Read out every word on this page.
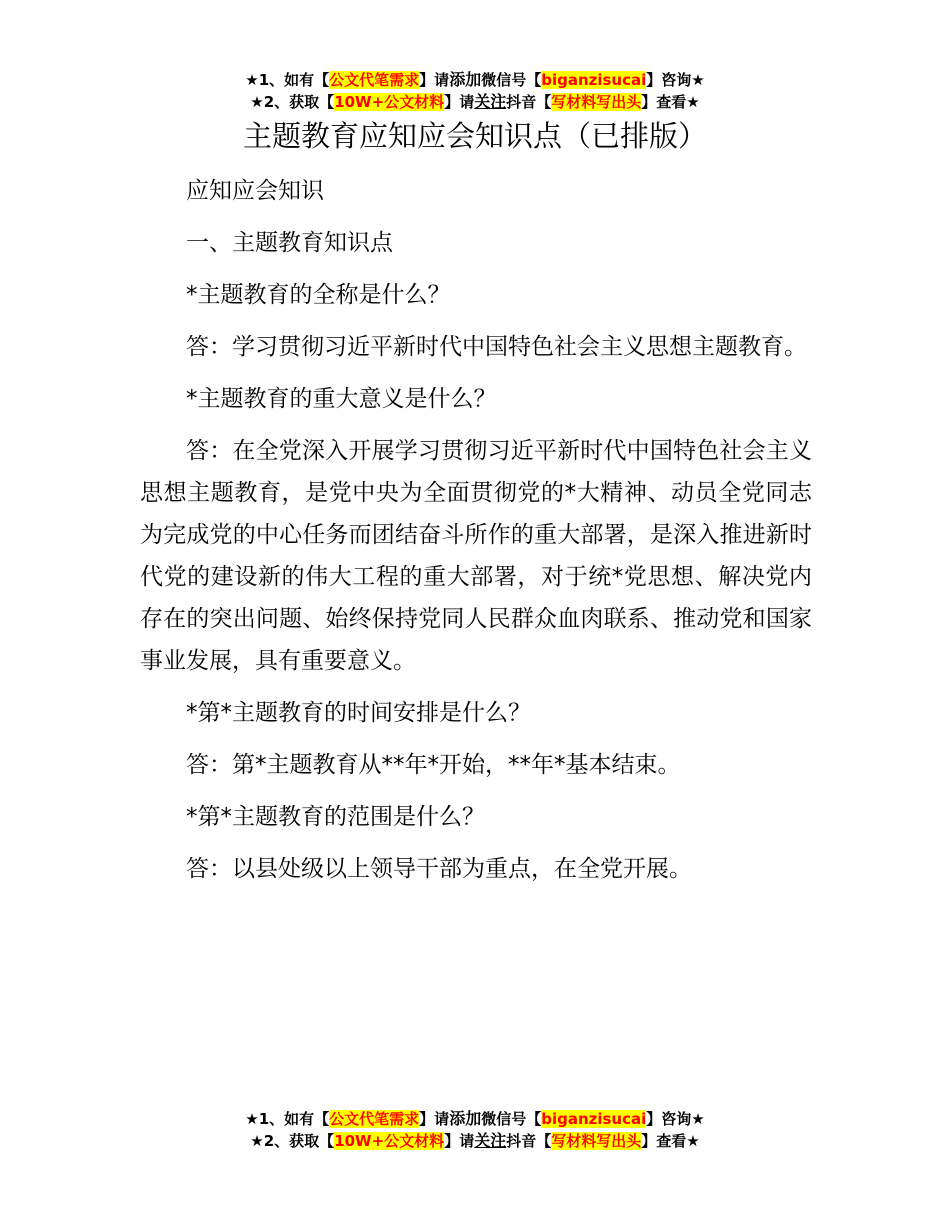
★1、如有【公文代笔需求】请添加微信号【biganzisucai】咨询★
★2、获取【10W+公文材料】请关注抖音【写材料写出头】查看★
主题教育应知应会知识点（已排版）

应知应会知识

一、主题教育知识点

*主题教育的全称是什么？

答：学习贯彻习近平新时代中国特色社会主义思想主题教育。

*主题教育的重大意义是什么？

答：在全党深入开展学习贯彻习近平新时代中国特色社会主义思想主题教育，是党中央为全面贯彻党的*大精神、动员全党同志为完成党的中心任务而团结奋斗所作的重大部署，是深入推进新时代党的建设新的伟大工程的重大部署，对于统*党思想、解决党内存在的突出问题、始终保持党同人民群众血肉联系、推动党和国家事业发展，具有重要意义。

*第*主题教育的时间安排是什么？

答：第*主题教育从**年*开始，**年*基本结束。

*第*主题教育的范围是什么？

答：以县处级以上领导干部为重点，在全党开展。

★1、如有【公文代笔需求】请添加微信号【biganzisucai】咨询★
★2、获取【10W+公文材料】请关注抖音【写材料写出头】查看★
